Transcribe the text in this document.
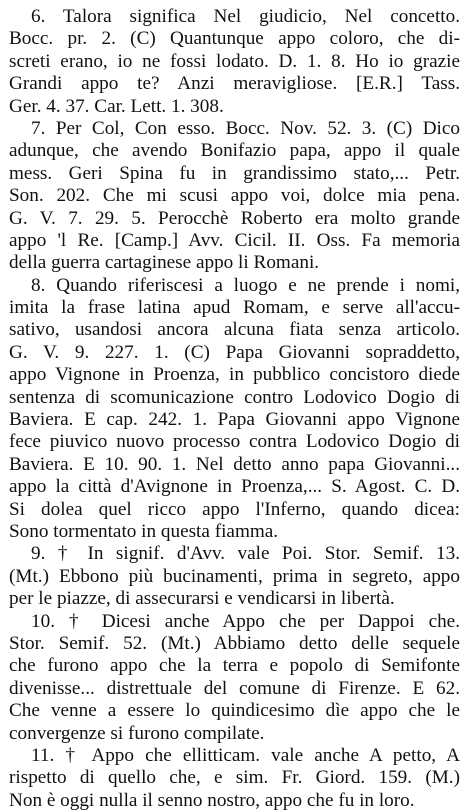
6. Talora significa Nel giudicio, Nel concetto.
Bocc. pr. 2. (C) Quantunque appo coloro, che di-
screti erano, io ne fossi lodato. D. 1. 8. Ho io grazie
Grandi appo te? Anzi meravigliose. [E.R.] Tass.
Ger. 4. 37. Car. Lett. 1. 308.
7. Per Col, Con esso. Bocc. Nov. 52. 3. (C) Dico
adunque, che avendo Bonifazio papa, appo il quale
mess. Geri Spina fu in grandissimo stato,... Petr.
Son. 202. Che mi scusi appo voi, dolce mia pena.
G. V. 7. 29. 5. Perocchè Roberto era molto grande
appo 'l Re. [Camp.] Avv. Cicil. II. Oss. Fa memoria
della guerra cartaginese appo li Romani.
8. Quando riferiscesi a luogo e ne prende i nomi,
imita la frase latina apud Romam, e serve all'accu-
sativo, usandosi ancora alcuna fiata senza articolo.
G. V. 9. 227. 1. (C) Papa Giovanni sopraddetto,
appo Vignone in Proenza, in pubblico concistoro diede
sentenza di scomunicazione contro Lodovico Dogio di
Baviera. E cap. 242. 1. Papa Giovanni appo Vignone
fece piuvico nuovo processo contra Lodovico Dogio di
Baviera. E 10. 90. 1. Nel detto anno papa Giovanni...
appo la città d'Avignone in Proenza,... S. Agost. C. D.
Si dolea quel ricco appo l'Inferno, quando dicea:
Sono tormentato in questa fiamma.
9. † In signif. d'Avv. vale Poi. Stor. Semif. 13.
(Mt.) Ebbono più bucinamenti, prima in segreto, appo
per le piazze, di assecurarsi e vendicarsi in libertà.
10. † Dicesi anche Appo che per Dappoi che.
Stor. Semif. 52. (Mt.) Abbiamo detto delle sequele
che furono appo che la terra e popolo di Semifonte
divenisse... distrettuale del comune di Firenze. E 62.
Che venne a essere lo quindicesimo dìe appo che le
convergenze si furono compilate.
11. † Appo che ellitticam. vale anche A petto, A
rispetto di quello che, e sim. Fr. Giord. 159. (M.)
Non è oggi nulla il senno nostro, appo che fu in loro.
